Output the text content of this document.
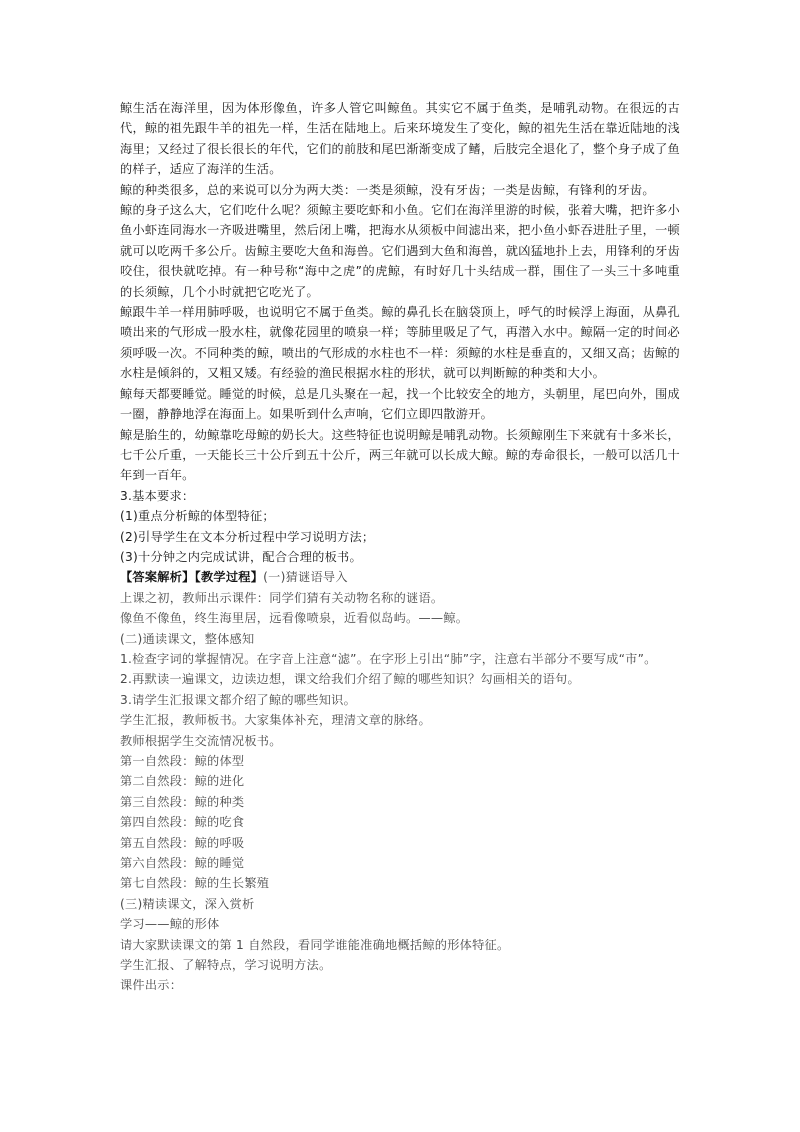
鲸生活在海洋里，因为体形像鱼，许多人管它叫鲸鱼。其实它不属于鱼类，是哺乳动物。在很远的古代，鲸的祖先跟牛羊的祖先一样，生活在陆地上。后来环境发生了变化，鲸的祖先生活在靠近陆地的浅海里；又经过了很长很长的年代，它们的前肢和尾巴渐渐变成了鳍，后肢完全退化了，整个身子成了鱼的样子，适应了海洋的生活。

鲸的种类很多，总的来说可以分为两大类：一类是须鲸，没有牙齿；一类是齿鲸，有锋利的牙齿。

鲸的身子这么大，它们吃什么呢？须鲸主要吃虾和小鱼。它们在海洋里游的时候，张着大嘴，把许多小鱼小虾连同海水一齐吸进嘴里，然后闭上嘴，把海水从须板中间滤出来，把小鱼小虾吞进肚子里，一顿就可以吃两千多公斤。齿鲸主要吃大鱼和海兽。它们遇到大鱼和海兽，就凶猛地扑上去，用锋利的牙齿咬住，很快就吃掉。有一种号称“海中之虎”的虎鲸，有时好几十头结成一群，围住了一头三十多吨重的长须鲸，几个小时就把它吃光了。

鲸跟牛羊一样用肺呼吸，也说明它不属于鱼类。鲸的鼻孔长在脑袋顶上，呼气的时候浮上海面，从鼻孔喷出来的气形成一股水柱，就像花园里的喷泉一样；等肺里吸足了气，再潜入水中。鲸隔一定的时间必须呼吸一次。不同种类的鲸，喷出的气形成的水柱也不一样：须鲸的水柱是垂直的，又细又高；齿鲸的水柱是倾斜的，又粗又矮。有经验的渔民根据水柱的形状，就可以判断鲸的种类和大小。

鲸每天都要睡觉。睡觉的时候，总是几头聚在一起，找一个比较安全的地方，头朝里，尾巴向外，围成一圈，静静地浮在海面上。如果听到什么声响，它们立即四散游开。

鲸是胎生的，幼鲸靠吃母鲸的奶长大。这些特征也说明鲸是哺乳动物。长须鲸刚生下来就有十多米长，七千公斤重，一天能长三十公斤到五十公斤，两三年就可以长成大鲸。鲸的寿命很长，一般可以活几十年到一百年。

3.基本要求：

(1)重点分析鲸的体型特征；

(2)引导学生在文本分析过程中学习说明方法；

(3)十分钟之内完成试讲，配合合理的板书。

【答案解析】【教学过程】(一)猜谜语导入

上课之初，教师出示课件：同学们猜有关动物名称的谜语。

像鱼不像鱼，终生海里居，远看像喷泉，近看似岛屿。——鲸。

(二)通读课文，整体感知

1.检查字词的掌握情况。在字音上注意“滤”。在字形上引出“肺”字，注意右半部分不要写成“市”。

2.再默读一遍课文，边读边想，课文给我们介绍了鲸的哪些知识？勾画相关的语句。

3.请学生汇报课文都介绍了鲸的哪些知识。

学生汇报，教师板书。大家集体补充，理清文章的脉络。

教师根据学生交流情况板书。

第一自然段：鲸的体型

第二自然段：鲸的进化

第三自然段：鲸的种类

第四自然段：鲸的吃食

第五自然段：鲸的呼吸

第六自然段：鲸的睡觉

第七自然段：鲸的生长繁殖

(三)精读课文，深入赏析

学习——鲸的形体

请大家默读课文的第 1 自然段，看同学谁能准确地概括鲸的形体特征。

学生汇报、了解特点，学习说明方法。

课件出示：
